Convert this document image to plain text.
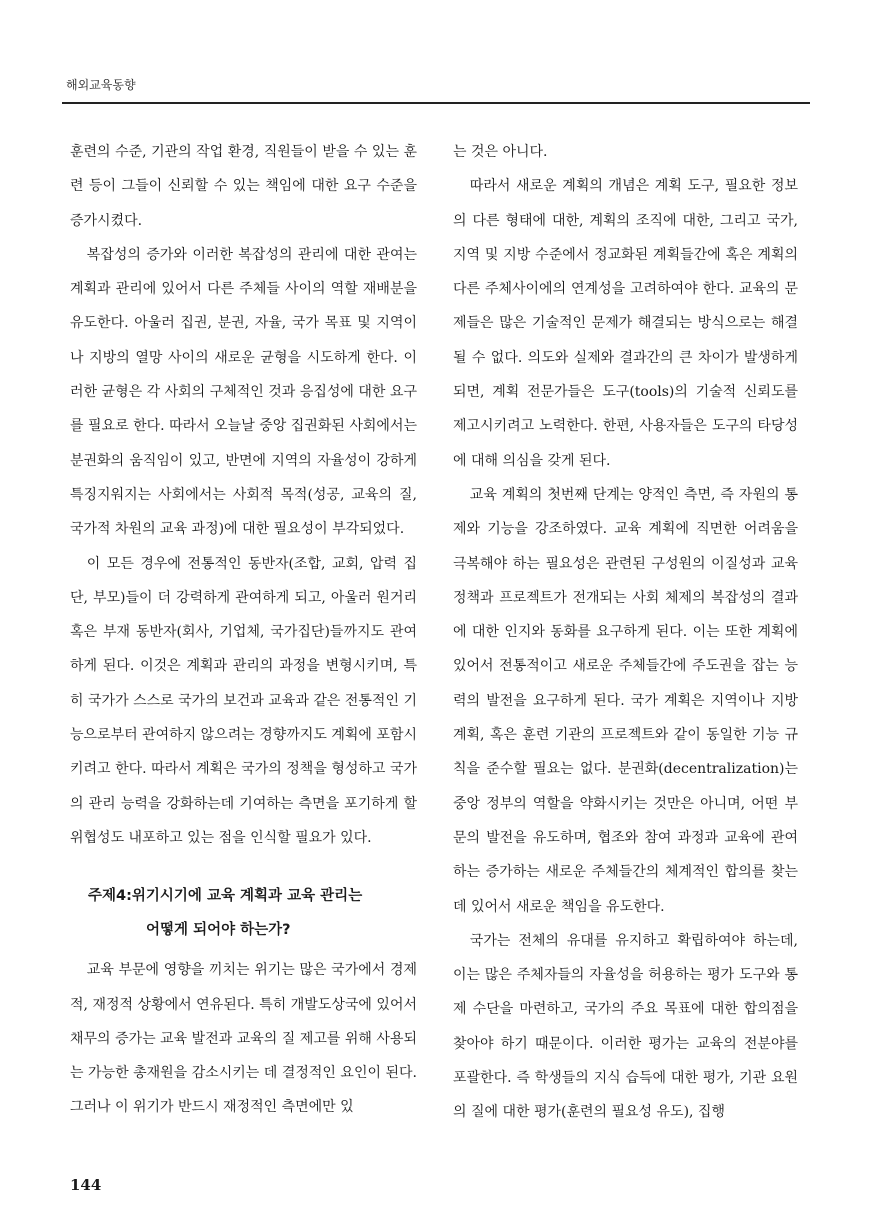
해외교육동향

훈련의 수준, 기관의 작업 환경, 직원들이 받을 수 있는 훈련 등이 그들이 신뢰할 수 있는 책임에 대한 요구 수준을 증가시켰다.

복잡성의 증가와 이러한 복잡성의 관리에 대한 관여는 계획과 관리에 있어서 다른 주체들 사이의 역할 재배분을 유도한다. 아울러 집권, 분권, 자율, 국가 목표 및 지역이나 지방의 열망 사이의 새로운 균형을 시도하게 한다. 이러한 균형은 각 사회의 구체적인 것과 응집성에 대한 요구를 필요로 한다. 따라서 오늘날 중앙 집권화된 사회에서는 분권화의 움직임이 있고, 반면에 지역의 자율성이 강하게 특징지워지는 사회에서는 사회적 목적(성공, 교육의 질, 국가적 차원의 교육 과정)에 대한 필요성이 부각되었다.

이 모든 경우에 전통적인 동반자(조합, 교회, 압력 집단, 부모)들이 더 강력하게 관여하게 되고, 아울러 원거리 혹은 부재 동반자(회사, 기업체, 국가집단)들까지도 관여하게 된다. 이것은 계획과 관리의 과정을 변형시키며, 특히 국가가 스스로 국가의 보건과 교육과 같은 전통적인 기능으로부터 관여하지 않으려는 경향까지도 계획에 포함시키려고 한다. 따라서 계획은 국가의 정책을 형성하고 국가의 관리 능력을 강화하는데 기여하는 측면을 포기하게 할 위협성도 내포하고 있는 점을 인식할 필요가 있다.

주제4:위기시기에 교육 계획과 교육 관리는
어떻게 되어야 하는가?

교육 부문에 영향을 끼치는 위기는 많은 국가에서 경제적, 재정적 상황에서 연유된다. 특히 개발도상국에 있어서 채무의 증가는 교육 발전과 교육의 질 제고를 위해 사용되는 가능한 총재원을 감소시키는 데 결정적인 요인이 된다. 그러나 이 위기가 반드시 재정적인 측면에만 있

는 것은 아니다.

따라서 새로운 계획의 개념은 계획 도구, 필요한 정보의 다른 형태에 대한, 계획의 조직에 대한, 그리고 국가, 지역 및 지방 수준에서 정교화된 계획들간에 혹은 계획의 다른 주체사이에의 연계성을 고려하여야 한다. 교육의 문제들은 많은 기술적인 문제가 해결되는 방식으로는 해결될 수 없다. 의도와 실제와 결과간의 큰 차이가 발생하게 되면, 계획 전문가들은 도구(tools)의 기술적 신뢰도를 제고시키려고 노력한다. 한편, 사용자들은 도구의 타당성에 대해 의심을 갖게 된다.

교육 계획의 첫번째 단계는 양적인 측면, 즉 자원의 통제와 기능을 강조하였다. 교육 계획에 직면한 어려움을 극복해야 하는 필요성은 관련된 구성원의 이질성과 교육 정책과 프로젝트가 전개되는 사회 체제의 복잡성의 결과에 대한 인지와 동화를 요구하게 된다. 이는 또한 계획에 있어서 전통적이고 새로운 주체들간에 주도권을 잡는 능력의 발전을 요구하게 된다. 국가 계획은 지역이나 지방 계획, 혹은 훈련 기관의 프로젝트와 같이 동일한 기능 규칙을 준수할 필요는 없다. 분권화(decentralization)는 중앙 정부의 역할을 약화시키는 것만은 아니며, 어떤 부문의 발전을 유도하며, 협조와 참여 과정과 교육에 관여하는 증가하는 새로운 주체들간의 체계적인 합의를 찾는데 있어서 새로운 책임을 유도한다.

국가는 전체의 유대를 유지하고 확립하여야 하는데, 이는 많은 주체자들의 자율성을 허용하는 평가 도구와 통제 수단을 마련하고, 국가의 주요 목표에 대한 합의점을 찾아야 하기 때문이다. 이러한 평가는 교육의 전분야를 포괄한다. 즉 학생들의 지식 습득에 대한 평가, 기관 요원의 질에 대한 평가(훈련의 필요성 유도), 집행

144
